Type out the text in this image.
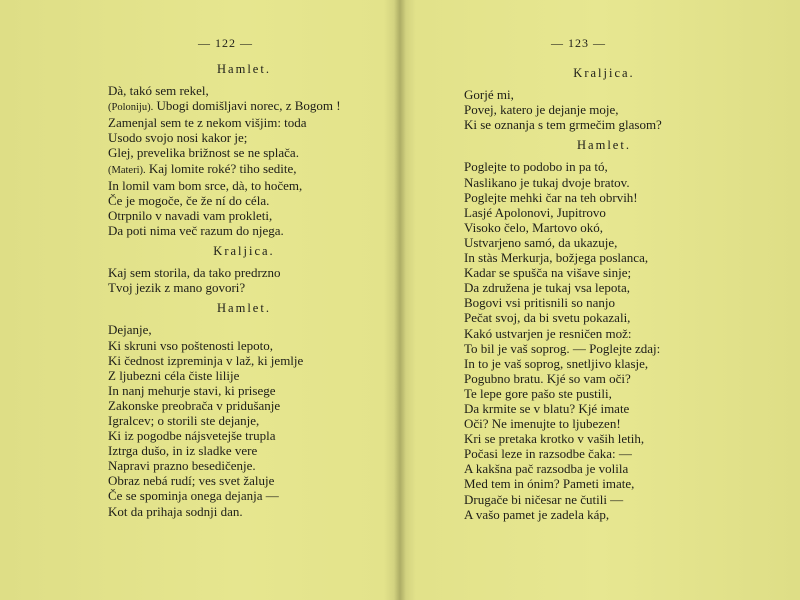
— 122 —
Hamlet.
Dà, takó sem rekel,
(Poloniju). Ubogi domišljavi norec, z Bogom !
Zamenjal sem te z nekom višjim: toda
Usodo svojo nosi kakor je;
Glej, prevelika brižnost se ne splača.
(Materi). Kaj lomite roké? tiho sedite,
In lomil vam bom srce, dà, to hočem,
Če je mogoče, če že ní do céla.
Otrpnilo v navadi vam prokleti,
Da poti nima več razum do njega.
Kraljica.
Kaj sem storila, da tako predrzno
Tvoj jezik z mano govori?
Hamlet.
Dejanje,
Ki skruni vso poštenosti lepoto,
Ki čednost izpreminja v laž, ki jemlje
Z ljubezni céla čiste lilije
In nanj mehurje stavi, ki prisege
Zakonske preobrača v pridušanje
Igralcev; o storili ste dejanje,
Ki iz pogodbe nájsvetejše trupla
Iztrga dušo, in iz sladke vere
Napravi prazno besedičenje.
Obraz nebá rudí; ves svet žaluje
Če se spominja onega dejanja —
Kot da prihaja sodnji dan.
— 123 —
Kraljica.
Gorjé mi,
Povej, katero je dejanje moje,
Ki se oznanja s tem grmečim glasom?
Hamlet.
Poglejte to podobo in pa tó,
Naslikano je tukaj dvoje bratov.
Poglejte mehki čar na teh obrvih!
Lasjé Apolonovi, Jupitrovo
Visoko čelo, Martovo okó,
Ustvarjeno samó, da ukazuje,
In stàs Merkurja, božjega poslanca,
Kadar se spušča na višave sinje;
Da združena je tukaj vsa lepota,
Bogovi vsi pritisnili so nanjo
Pečat svoj, da bi svetu pokazali,
Kakó ustvarjen je resničen mož:
To bil je vaš soprog. — Poglejte zdaj:
In to je vaš soprog, snetljivo klasje,
Pogubno bratu. Kjé so vam oči?
Te lepe gore pašo ste pustili,
Da krmite se v blatu? Kjé imate
Oči? Ne imenujte to ljubezen!
Kri se pretaka krotko v vaših letih,
Počasi leze in razsodbe čaka: —
A kakšna pač razsodba je volila
Med tem in ónim? Pameti imate,
Drugače bi ničesar ne čutili —
A vašo pamet je zadela káp,
